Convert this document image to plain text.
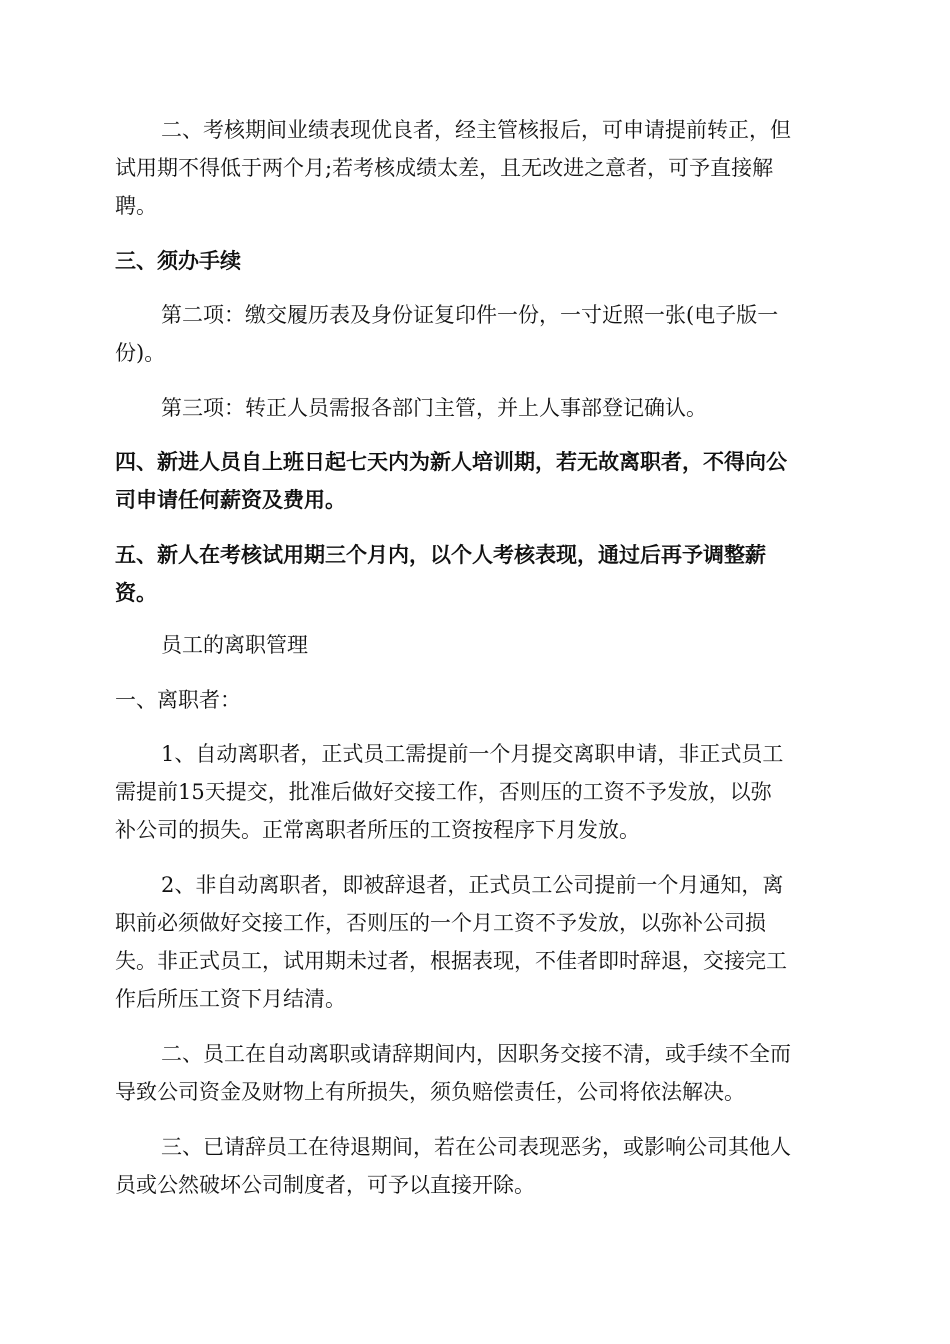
二、考核期间业绩表现优良者，经主管核报后，可申请提前转正，但
试用期不得低于两个月;若考核成绩太差，且无改进之意者，可予直接解
聘。

三、须办手续

第二项：缴交履历表及身份证复印件一份，一寸近照一张(电子版一
份)。

第三项：转正人员需报各部门主管，并上人事部登记确认。

四、新进人员自上班日起七天内为新人培训期，若无故离职者，不得向公
司申请任何薪资及费用。

五、新人在考核试用期三个月内，以个人考核表现，通过后再予调整薪
资。

员工的离职管理

一、离职者：

1、自动离职者，正式员工需提前一个月提交离职申请，非正式员工
需提前15天提交，批准后做好交接工作，否则压的工资不予发放，以弥
补公司的损失。正常离职者所压的工资按程序下月发放。

2、非自动离职者，即被辞退者，正式员工公司提前一个月通知，离
职前必须做好交接工作，否则压的一个月工资不予发放，以弥补公司损
失。非正式员工，试用期未过者，根据表现，不佳者即时辞退，交接完工
作后所压工资下月结清。

二、员工在自动离职或请辞期间内，因职务交接不清，或手续不全而
导致公司资金及财物上有所损失，须负赔偿责任，公司将依法解决。

三、已请辞员工在待退期间，若在公司表现恶劣，或影响公司其他人
员或公然破坏公司制度者，可予以直接开除。
